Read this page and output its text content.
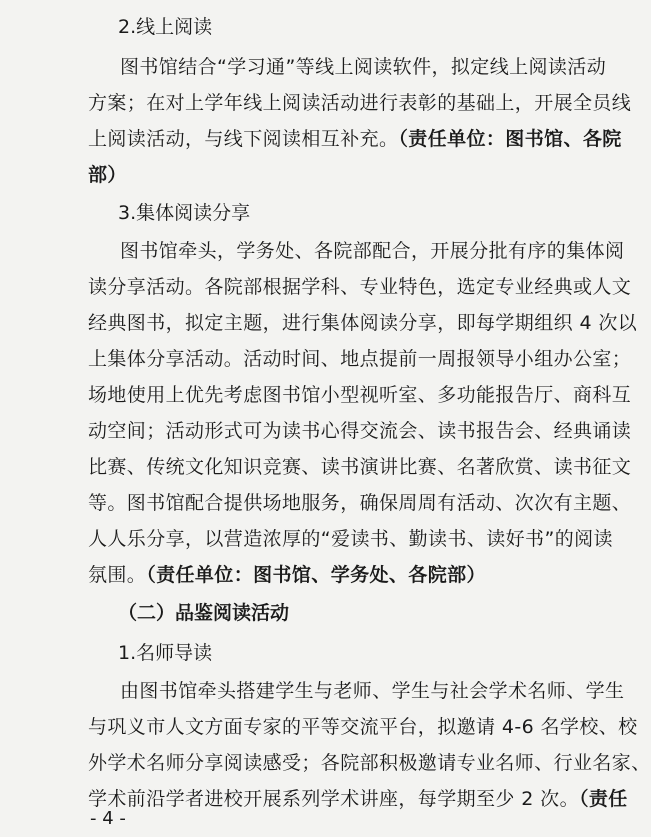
2.线上阅读
图书馆结合“学习通”等线上阅读软件，拟定线上阅读活动
方案；在对上学年线上阅读活动进行表彰的基础上，开展全员线
上阅读活动，与线下阅读相互补充。（责任单位：图书馆、各院
部）
3.集体阅读分享
图书馆牵头，学务处、各院部配合，开展分批有序的集体阅
读分享活动。各院部根据学科、专业特色，选定专业经典或人文
经典图书，拟定主题，进行集体阅读分享，即每学期组织 4 次以
上集体分享活动。活动时间、地点提前一周报领导小组办公室；
场地使用上优先考虑图书馆小型视听室、多功能报告厅、商科互
动空间；活动形式可为读书心得交流会、读书报告会、经典诵读
比赛、传统文化知识竞赛、读书演讲比赛、名著欣赏、读书征文
等。图书馆配合提供场地服务，确保周周有活动、次次有主题、
人人乐分享，以营造浓厚的“爱读书、勤读书、读好书”的阅读
氛围。（责任单位：图书馆、学务处、各院部）
（二）品鉴阅读活动
1.名师导读
由图书馆牵头搭建学生与老师、学生与社会学术名师、学生
与巩义市人文方面专家的平等交流平台，拟邀请 4-6 名学校、校
外学术名师分享阅读感受；各院部积极邀请专业名师、行业名家、
- 4 -
学术前沿学者进校开展系列学术讲座，每学期至少 2 次。（责任
